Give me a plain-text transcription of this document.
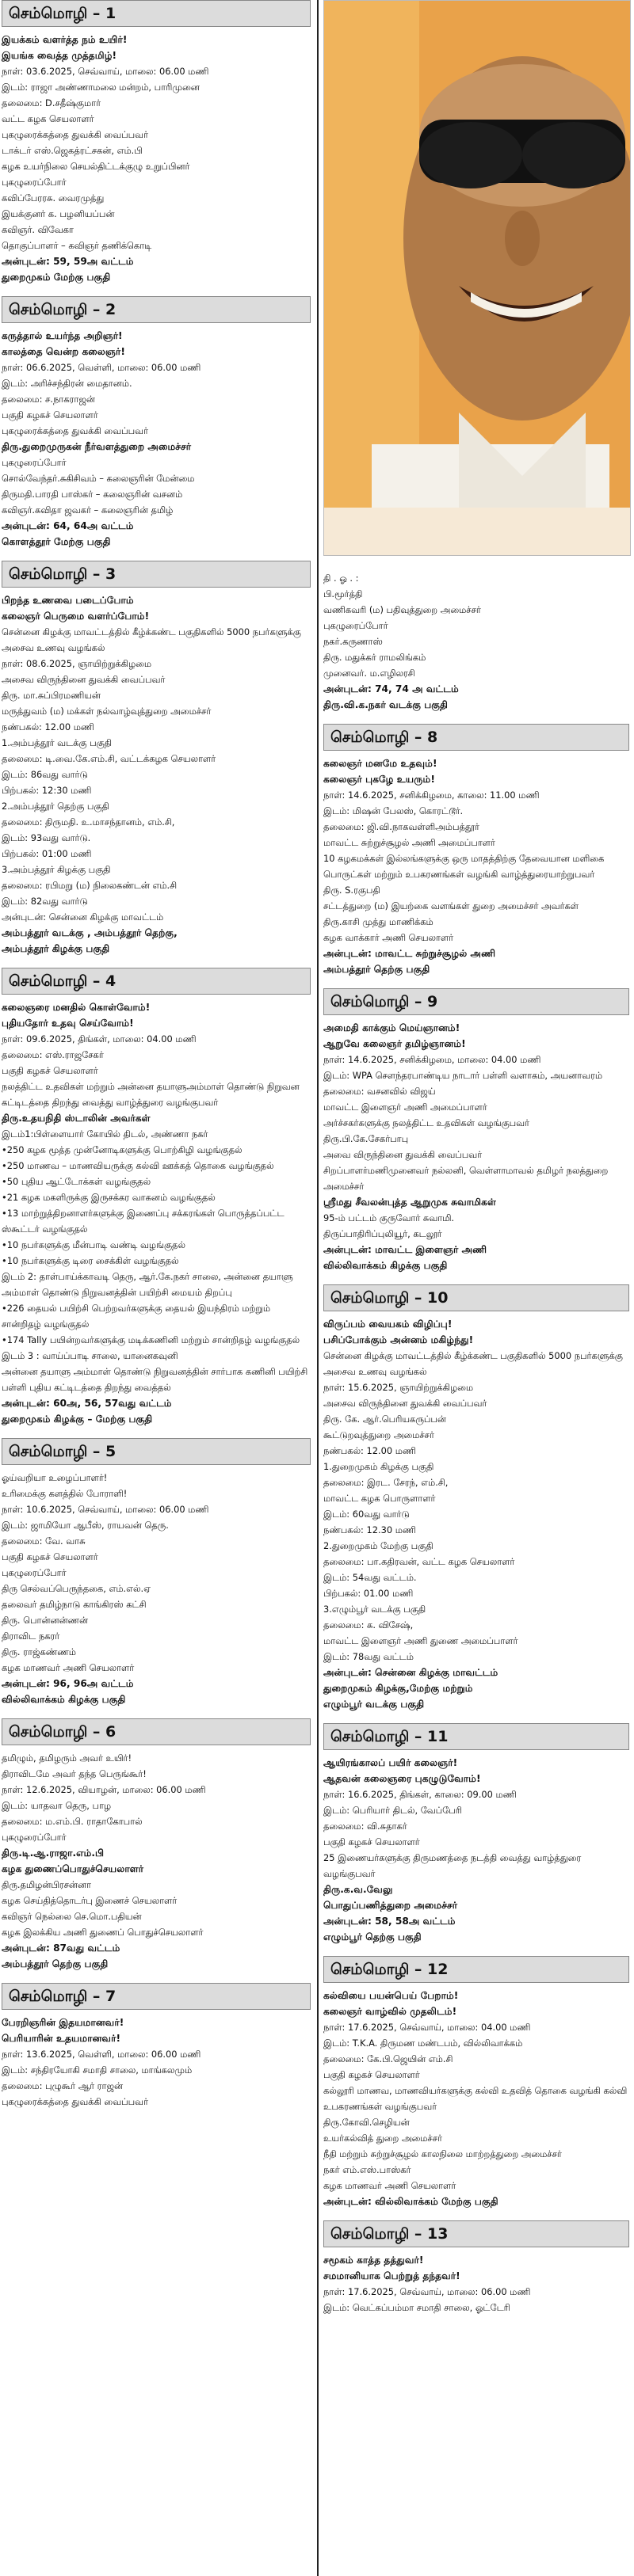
செம்மொழி – 1
இயக்கம் வளர்த்த நம் உயிர்!
இயங்க வைத்த முத்தமிழ்!
நாள்: 03.6.2025, செவ்வாய், மாலை: 06.00 மணி
இடம்: ராஜா அண்ணாமலை மன்றம், பாரிமுனை
தலைமை: D.சதீஷ்குமார்
வட்ட கழக செயலாளர்
புகழுரைக்கத்தை துவக்கி வைப்பவர்
டாக்டர் எஸ்.ஜெகத்ரட்சகன், எம்.பி
கழக உயர்நிலை செயல்திட்டக்குழு உறுப்பினர்
புகழுரைப்போர்
கவிப்பேரரசு. வைரமுத்து
இயக்குனர் க. பழனியப்பன்
கவிஞர். விவேகா
தொகுப்பாளர் – கவிஞர் தணிக்கொடி
அன்புடன்: 59, 59அ வட்டம்
துறைமுகம் மேற்கு பகுதி
செம்மொழி – 2
கருத்தால் உயர்ந்த அறிஞர்!
காலத்தை வென்ற கலைஞர்!
நாள்: 06.6.2025, வெள்ளி, மாலை: 06.00 மணி
இடம்: அரிச்சந்திரன் மைதானம்.
தலைமை: ச.நாகராஜன்
பகுதி கழகச் செயலாளர்
புகழுரைக்கத்தை துவக்கி வைப்பவர்
திரு.துறைமுருகன் நீர்வளத்துறை அமைச்சர்
புகழுரைப்போர்
சொல்வேந்தர்.சுகிசிவம் – கலைஞரின் மேன்மை
திருமதி.பாரதி பாஸ்கர் – கலைஞரின் வசனம்
கவிஞர்.கவிதா ஜவகர் – கலைஞரின் தமிழ்
அன்புடன்: 64, 64அ வட்டம்
கொளத்தூர் மேற்கு பகுதி
செம்மொழி – 3
பிறந்த உணவை படைப்போம்
கலைஞர் பெருமை வளர்ப்போம்!
சென்னை கிழக்கு மாவட்டத்தில் கீழ்க்கண்ட பகுதிகளில் 5000 நபர்களுக்கு அசைவ உணவு வழங்கல்
நாள்: 08.6.2025, ஞாயிற்றுக்கிழமை
அசைவ விருந்தினை துவக்கி வைப்பவர்
திரு. மா.சுப்பிரமணியன்
மருத்துவம் (ம) மக்கள் நல்வாழ்வுத்துறை அமைச்சர்
நண்பகல்: 12.00 மணி
1.அம்பத்தூர் வடக்கு பகுதி
தலைமை: டி.வை.கே.எம்.சி, வட்டக்கழக செயலாளர்
இடம்: 86வது வார்டு
பிற்பகல்: 12:30 மணி
2.அம்பத்தூர் தெற்கு பகுதி
தலைமை: திருமதி. உ.மாசந்தானம், எம்.சி,
இடம்: 93வது வார்டு.
பிற்பகல்: 01:00 மணி
3.அம்பத்தூர் கிழக்கு பகுதி
தலைமை: ரபிமறு (ம) நிலைகண்டன் எம்.சி
இடம்: 82வது வார்டு
அன்புடன்: சென்னை கிழக்கு மாவட்டம்
அம்பத்தூர் வடக்கு , அம்பத்தூர் தெற்கு,
அம்பத்தூர் கிழக்கு பகுதி
செம்மொழி – 4
கலைஞரை மனதில் கொள்வோம்!
புதியதோர் உதவு செய்வோம்!
நாள்: 09.6.2025, திங்கள், மாலை: 04.00 மணி
தலைமை: எஸ்.ராஜசேகர்
பகுதி கழகச் செயலாளர்
நலத்திட்ட உதவிகள் மற்றும் அன்னை தயாளுஅம்மாள் தொண்டு நிறுவன கட்டிடத்தை திறந்து வைத்து வாழ்த்துரை வழங்குபவர்
திரு.உதயநிதி ஸ்டாலின் அவர்கள்
இடம்1:பிள்ளையார் கோயில் திடல், அண்ணா நகர்
•250 கழக மூத்த முன்னோடிகளுக்கு பொற்கிழி வழங்குதல்
•250 மாணவ – மாணவியருக்கு கல்வி ஊக்கத் தொகை வழங்குதல்
•50 புதிய ஆட்டோக்கள் வழங்குதல்
•21 கழக மகளிருக்கு இருசக்கர வாகனம் வழங்குதல்
•13 மாற்றுத்திறனாளர்களுக்கு இணைப்பு சக்கரங்கள் பொருத்தப்பட்ட ஸ்கூட்டர் வழங்குதல்
•10 நபர்களுக்கு மீன்பாடி வண்டி வழங்குதல்
•10 நபர்களுக்கு டிரை சைக்கிள் வழங்குதல்
இடம் 2: தாள்பாய்க்காவடி தெரு, ஆர்.கே.நகர் சாலை, அன்னை தயாளு அம்மாள் தொண்டு நிறுவனத்தின் பயிற்சி மையம் திறப்பு
•226 தையல் பயிற்சி பெற்றவர்களுக்கு தையல் இயந்திரம் மற்றும் சான்றிதழ் வழங்குதல்
•174 Tally பயின்றவர்களுக்கு மடிக்கணினி மற்றும் சான்றிதழ் வழங்குதல்
இடம் 3 : வாய்ப்பாடி சாலை, யானைகவுனி
அன்னை தயாளு அம்மாள் தொண்டு நிறுவனத்தின் சார்பாக கணினி பயிற்சி பள்ளி புதிய கட்டிடத்தை திறந்து வைத்தல்
அன்புடன்: 60அ, 56, 57வது வட்டம்
துறைமுகம் கிழக்கு – மேற்கு பகுதி
செம்மொழி – 5
ஓய்வறியா உழைப்பாளர்!
உரிமைக்கு களத்தில் போராளி!
நாள்: 10.6.2025, செவ்வாய், மாலை: 06.00 மணி
இடம்: ஜாமியோ ஆபீஸ், ராயவன் தெரு.
தலைமை: வே. வாசு
பகுதி கழகச் செயலாளர்
புகழுரைப்போர்
திரு செல்வப்பெருந்தகை, எம்.எல்.ஏ
தலைவர் தமிழ்நாடு காங்கிரஸ் கட்சி
திரு. பொன்னன்ணன்
திராவிட நகரர்
திரு. ராஜ்கண்ணம்
கழக மாணவர் அணி செயலாளர்
அன்புடன்: 96, 96அ வட்டம்
வில்லிவாக்கம் கிழக்கு பகுதி
செம்மொழி – 6
தமிழும், தமிழரும் அவர் உயிர்!
திராவிடமே அவர் தந்த பெருங்கூர்!
நாள்: 12.6.2025, வியாழன், மாலை: 06.00 மணி
இடம்: யாதவா தெரு, பாழ
தலைமை: ம.எம்.பி. ராதாகோபால்
புகழுரைப்போர்
திரு.டி.ஆ.ராஜா.எம்.பி
கழக துணைப்பொதுச்செயலாளர்
திரு.தமிழன்பிரசன்னா
கழக செய்தித்தொடர்பு இணைச் செயலாளர்
கவிஞர் நெல்லை செ.மொ.பதியன்
கழக இலக்கிய அணி துணைப் பொதுச்செயலாளர்
அன்புடன்: 87வது வட்டம்
அம்பத்தூர் தெற்கு பகுதி
செம்மொழி – 7
பேரறிஞரின் இதயமானவர்!
பெரியாரின் உதயமானவர்!
நாள்: 13.6.2025, வெள்ளி, மாலை: 06.00 மணி
இடம்: சந்திரயோகி சமாதி சாலை, மாங்கலமும்
தலைமை: புழுகூர் ஆர் ராஜன்
புகழுரைக்கத்தை துவக்கி வைப்பவர்
தி . ஓ . :
பி.மூர்த்தி
வணிகவரி (ம) பதிவுத்துறை அமைச்சர்
புகழுரைப்போர்
நகர்.கருணாஸ்
திரு. மதுக்கர் ராமலிங்கம்
முனைவர். ம.எழிலரசி
அன்புடன்: 74, 74 அ வட்டம்
திரு.வி.க.நகர் வடக்கு பகுதி
செம்மொழி – 8
கலைஞர் மனமே உதவும்!
கலைஞர் புகழே உயரும்!
நாள்: 14.6.2025, சனிக்கிழமை, காலை: 11.00 மணி
இடம்: மிஷன் பேலஸ், கொரட்டூர்.
தலைமை: ஜி.வி.நாகவள்ளிஅம்பத்தூர்
மாவட்ட சுற்றுச்சூழல் அணி அமைப்பாளர்
10 கழகமக்கள் இல்லங்களுக்கு ஒரு மாதத்திற்கு தேவையான மளிகை பொருட்கள் மற்றும் உபகரணங்கள் வழங்கி வாழ்த்துரையாற்றுபவர்
திரு. S.ரகுபதி
சட்டத்துறை (ம) இயற்கை வளங்கள் துறை அமைச்சர் அவர்கள்
திரு.காசி முத்து மாணிக்கம்
கழக வாக்கார் அணி செயலாளர்
அன்புடன்: மாவட்ட சுற்றுச்சூழல் அணி
அம்பத்தூர் தெற்கு பகுதி
செம்மொழி – 9
அமைதி காக்கும் மெய்ஞானம்!
ஆறுவே கலைஞர் தமிழ்ஞானம்!
நாள்: 14.6.2025, சனிக்கிழமை, மாலை: 04.00 மணி
இடம்: WPA சௌந்தரபாண்டிய நாடார் பள்ளி வளாகம், அயனாவரம்
தலைமை: வசனவில் விஜய்
மாவட்ட இளைஞர் அணி அமைப்பாளர்
அர்ச்சகர்களுக்கு நலத்திட்ட உதவிகள் வழங்குபவர்
திரு.பி.கே.சேகர்பாபு
அவை விருந்தினை துவக்கி வைப்பவர்
சிறப்பாளர்மணிமுனைவர் நல்லனி, வெள்ளாமாவல் தமிழர் நலத்துறை அமைச்சர்
ஸ்ரீமது சீவலன்புத்த ஆறுமுக சுவாமிகள்
95-ம் பட்டம் குருவோர் சுவாமி.
திருப்பாதிரிப்புலியூர், கடலூர்
அன்புடன்: மாவட்ட இளைஞர் அணி
வில்லிவாக்கம் கிழக்கு பகுதி
செம்மொழி – 10
விருப்பம் வையகம் விழிப்பு!
பசிப்போக்கும் அன்னம் மகிழ்ந்து!
சென்னை கிழக்கு மாவட்டத்தில் கீழ்க்கண்ட பகுதிகளில் 5000 நபர்களுக்கு அசைவ உணவு வழங்கல்
நாள்: 15.6.2025, ஞாயிற்றுக்கிழமை
அசைவ விருந்தினை துவக்கி வைப்பவர்
திரு. கே. ஆர்.பெரியகருப்பன்
கூட்டுறவுத்துறை அமைச்சர்
நண்பகல்: 12.00 மணி
1.துறைமுகம் கிழக்கு பகுதி
தலைமை: இரட. சேரந், எம்.சி,
மாவட்ட கழக பொருளாளர்
இடம்: 60வது வார்டு
நண்பகல்: 12.30 மணி
2.துறைமுகம் மேற்கு பகுதி
தலைமை: பா.கதிரவன், வட்ட கழக செயலாளர்
இடம்: 54வது வட்டம்.
பிற்பகல்: 01.00 மணி
3.எழும்பூர் வடக்கு பகுதி
தலைமை: க. விசேஷ்,
மாவட்ட இளைஞர் அணி துணை அமைப்பாளர்
இடம்: 78வது வட்டம்
அன்புடன்: சென்னை கிழக்கு மாவட்டம்
துறைமுகம் கிழக்கு,மேற்கு மற்றும்
எழும்பூர் வடக்கு பகுதி
செம்மொழி – 11
ஆயிரங்காலப் பயிர் கலைஞர்!
ஆதவன் கலைஞரை புகழுடுவோம்!
நாள்: 16.6.2025, திங்கள், காலை: 09.00 மணி
இடம்: பெரியார் திடல், வேப்பேரி
தலைமை: வி.சுதாகர்
பகுதி கழகச் செயலாளர்
25 இணையர்களுக்கு திருமணத்தை நடத்தி வைத்து வாழ்த்துரை வழங்குபவர்
திரு.க.வ.வேலு
பொதுப்பணித்துறை அமைச்சர்
அன்புடன்: 58, 58அ வட்டம்
எழும்பூர் தெற்கு பகுதி
செம்மொழி – 12
கல்வியை பயன்பெய் பேறாம்!
கலைஞர் வாழ்வில் முதலிடம்!
நாள்: 17.6.2025, செவ்வாய், மாலை: 04.00 மணி
இடம்: T.K.A. திருமண மண்டபம், வில்லிவாக்கம்
தலைமை: கே.பி.ஜெயின் எம்.சி
பகுதி கழகச் செயலாளர்
கல்லூரி மாணவ, மாணவியர்களுக்கு கல்வி உதவித் தொகை வழங்கி கல்வி உபகரணங்கள் வழங்குபவர்
திரு.கோவி.செழியன்
உயர்கல்வித் துறை அமைச்சர்
நீதி மற்றும் சுற்றுச்சூழல் காலநிலை மாற்றத்துறை அமைச்சர்
நகர் எம்.எஸ்.பாஸ்கர்
கழக மாணவர் அணி செயலாளர்
அன்புடன்: வில்லிவாக்கம் மேற்கு பகுதி
செம்மொழி – 13
சமூகம் காத்த தத்துவர்!
சமமானியாக பெற்றுத் தந்தவர்!
நாள்: 17.6.2025, செவ்வாய், மாலை: 06.00 மணி
இடம்: வெட்கப்பம்மா சமாதி சாலை, ஓட்டேரி
